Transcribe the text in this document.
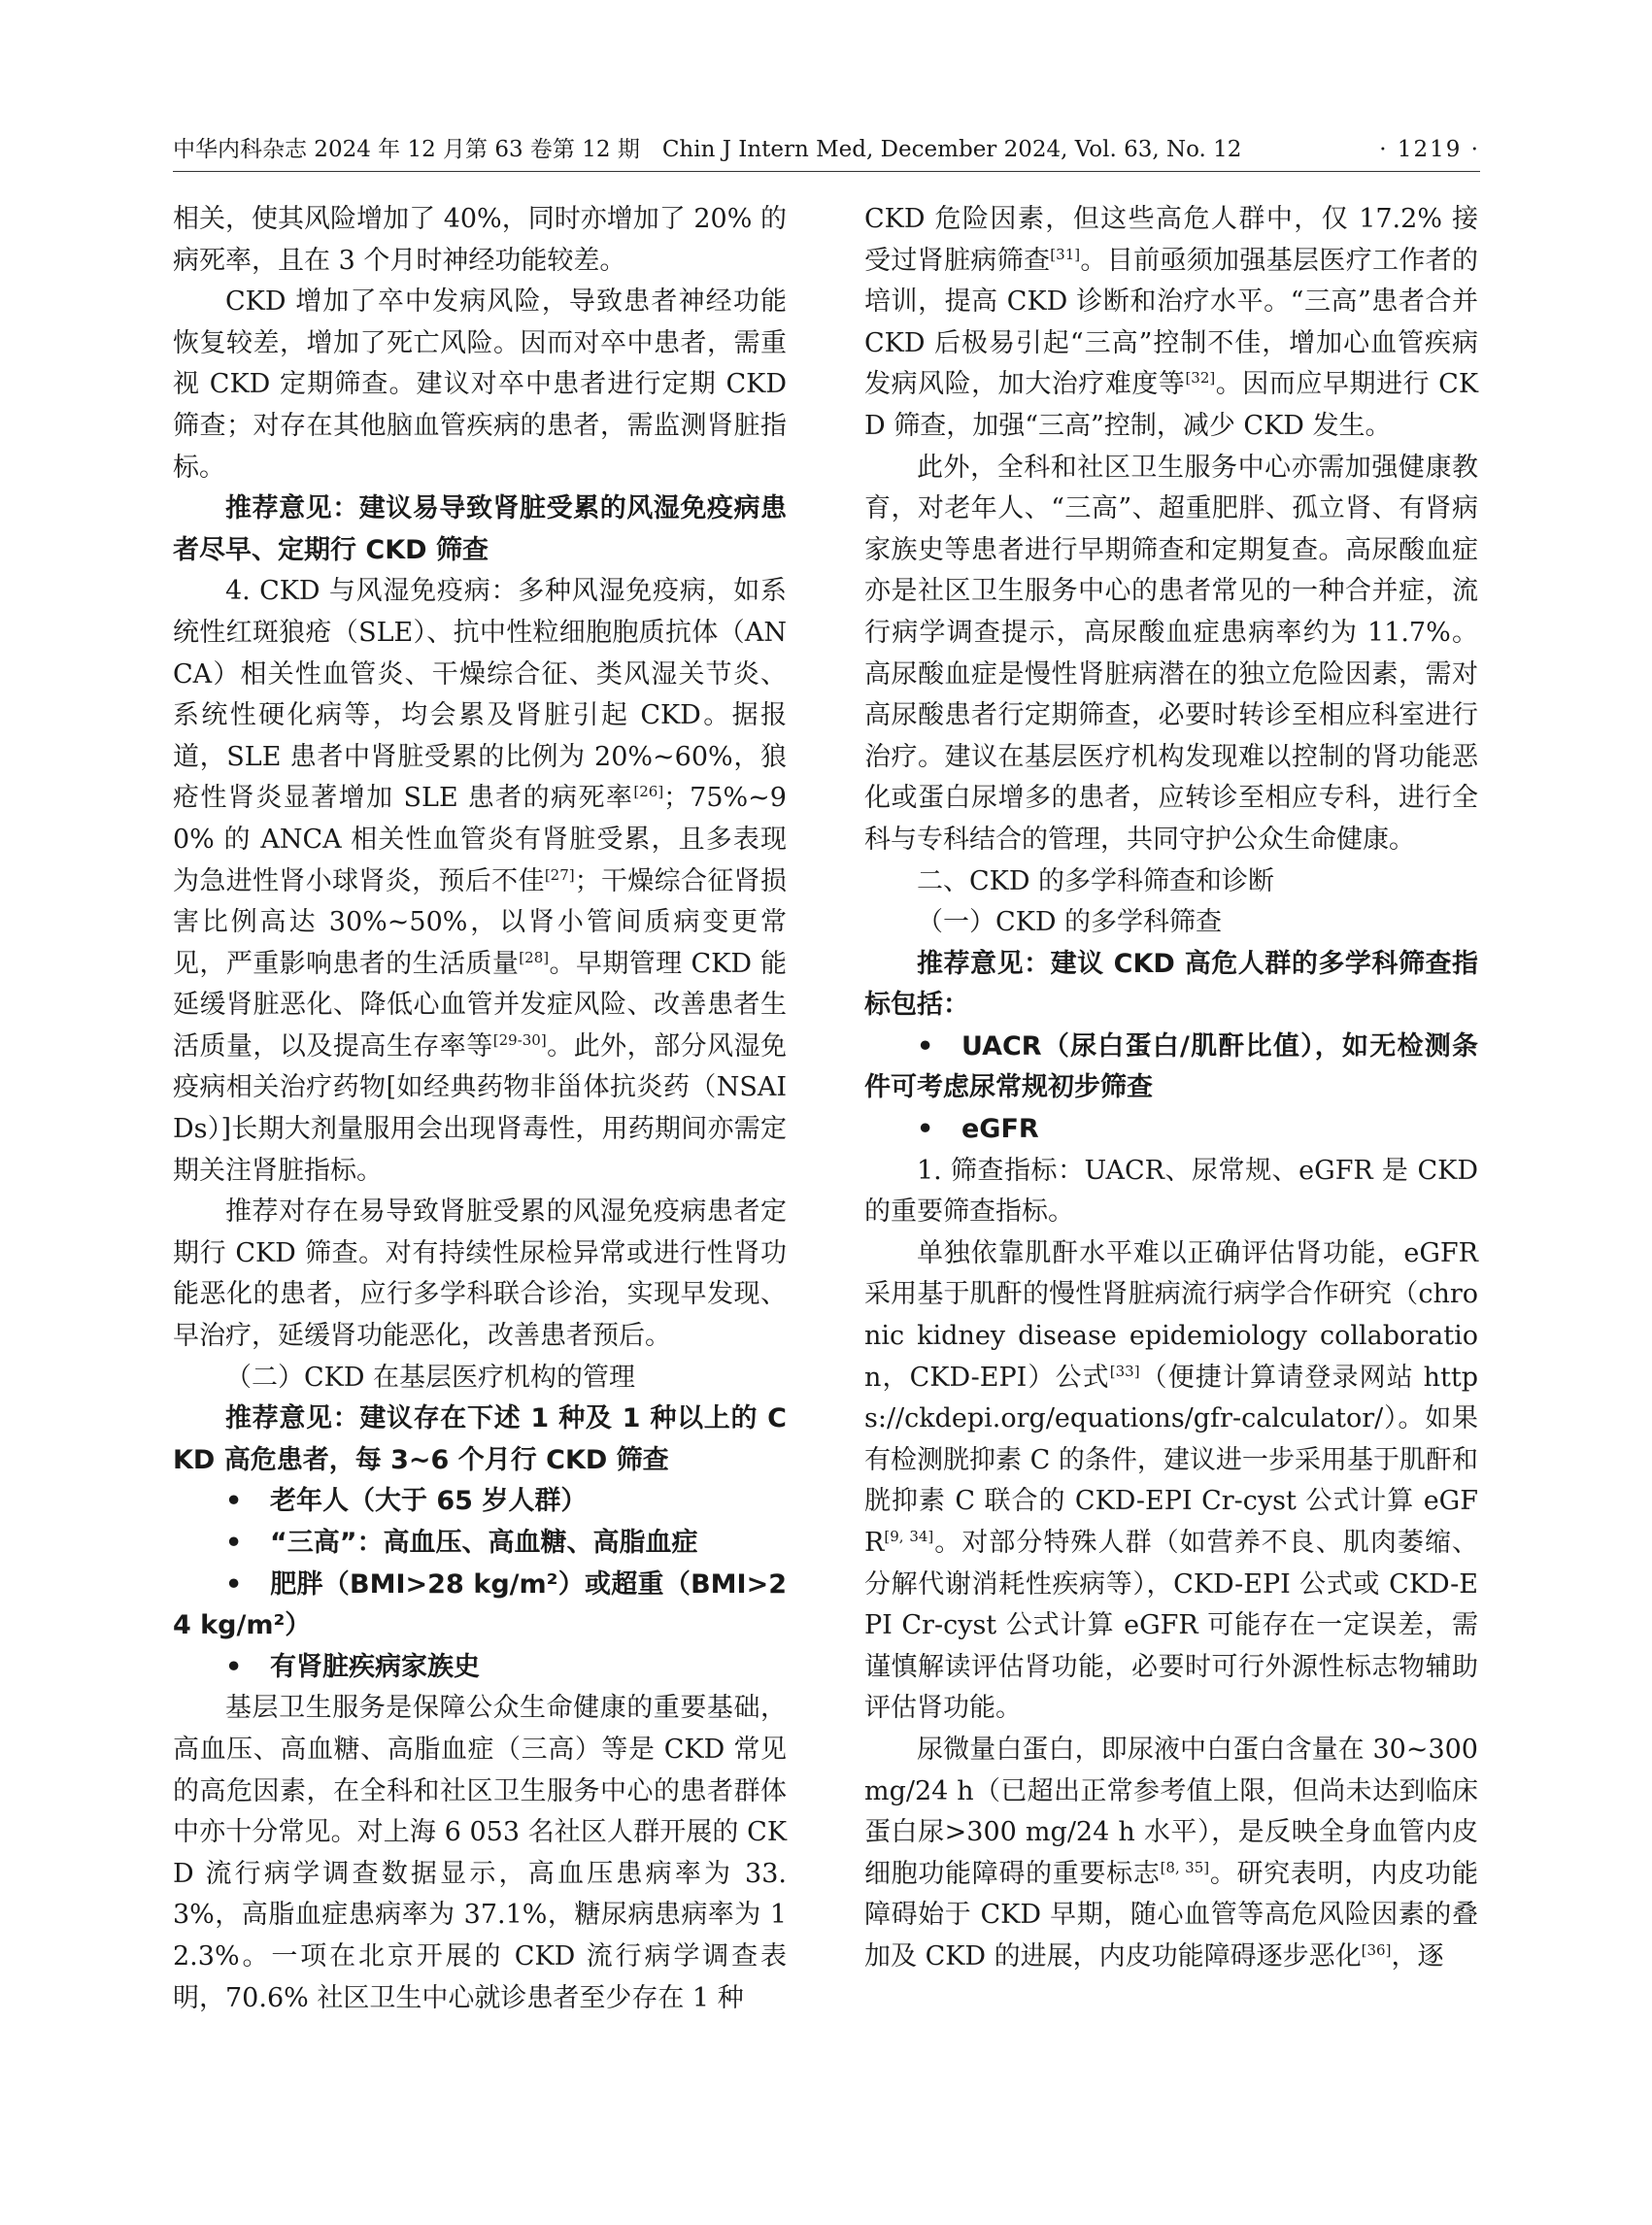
中华内科杂志 2024 年 12 月第 63 卷第 12 期　Chin J Intern Med, December 2024, Vol. 63, No. 12	· 1219 ·

相关，使其风险增加了 40%，同时亦增加了 20% 的病死率，且在 3 个月时神经功能较差。

CKD 增加了卒中发病风险，导致患者神经功能恢复较差，增加了死亡风险。因而对卒中患者，需重视 CKD 定期筛查。建议对卒中患者进行定期 CKD 筛查；对存在其他脑血管疾病的患者，需监测肾脏指标。

推荐意见：建议易导致肾脏受累的风湿免疫病患者尽早、定期行 CKD 筛查

4. CKD 与风湿免疫病：多种风湿免疫病，如系统性红斑狼疮（SLE）、抗中性粒细胞胞质抗体（ANCA）相关性血管炎、干燥综合征、类风湿关节炎、系统性硬化病等，均会累及肾脏引起 CKD。据报道，SLE 患者中肾脏受累的比例为 20%~60%，狼疮性肾炎显著增加 SLE 患者的病死率[26]；75%~90% 的 ANCA 相关性血管炎有肾脏受累，且多表现为急进性肾小球肾炎，预后不佳[27]；干燥综合征肾损害比例高达 30%~50%，以肾小管间质病变更常见，严重影响患者的生活质量[28]。早期管理 CKD 能延缓肾脏恶化、降低心血管并发症风险、改善患者生活质量，以及提高生存率等[29-30]。此外，部分风湿免疫病相关治疗药物[如经典药物非甾体抗炎药（NSAIDs）]长期大剂量服用会出现肾毒性，用药期间亦需定期关注肾脏指标。

推荐对存在易导致肾脏受累的风湿免疫病患者定期行 CKD 筛查。对有持续性尿检异常或进行性肾功能恶化的患者，应行多学科联合诊治，实现早发现、早治疗，延缓肾功能恶化，改善患者预后。

（二）CKD 在基层医疗机构的管理

推荐意见：建议存在下述 1 种及 1 种以上的 CKD 高危患者，每 3~6 个月行 CKD 筛查

• 老年人（大于 65 岁人群）

• “三高”：高血压、高血糖、高脂血症

• 肥胖（BMI>28 kg/m²）或超重（BMI>24 kg/m²）

• 有肾脏疾病家族史

基层卫生服务是保障公众生命健康的重要基础，高血压、高血糖、高脂血症（三高）等是 CKD 常见的高危因素，在全科和社区卫生服务中心的患者群体中亦十分常见。对上海 6 053 名社区人群开展的 CKD 流行病学调查数据显示，高血压患病率为 33.3%，高脂血症患病率为 37.1%，糖尿病患病率为 12.3%。一项在北京开展的 CKD 流行病学调查表明，70.6% 社区卫生中心就诊患者至少存在 1 种

CKD 危险因素，但这些高危人群中，仅 17.2% 接受过肾脏病筛查[31]。目前亟须加强基层医疗工作者的培训，提高 CKD 诊断和治疗水平。“三高”患者合并 CKD 后极易引起“三高”控制不佳，增加心血管疾病发病风险，加大治疗难度等[32]。因而应早期进行 CKD 筛查，加强“三高”控制，减少 CKD 发生。

此外，全科和社区卫生服务中心亦需加强健康教育，对老年人、“三高”、超重肥胖、孤立肾、有肾病家族史等患者进行早期筛查和定期复查。高尿酸血症亦是社区卫生服务中心的患者常见的一种合并症，流行病学调查提示，高尿酸血症患病率约为 11.7%。高尿酸血症是慢性肾脏病潜在的独立危险因素，需对高尿酸患者行定期筛查，必要时转诊至相应科室进行治疗。建议在基层医疗机构发现难以控制的肾功能恶化或蛋白尿增多的患者，应转诊至相应专科，进行全科与专科结合的管理，共同守护公众生命健康。

二、CKD 的多学科筛查和诊断

（一）CKD 的多学科筛查

推荐意见：建议 CKD 高危人群的多学科筛查指标包括：

• UACR（尿白蛋白/肌酐比值），如无检测条件可考虑尿常规初步筛查

• eGFR

1. 筛查指标：UACR、尿常规、eGFR 是 CKD 的重要筛查指标。

单独依靠肌酐水平难以正确评估肾功能，eGFR 采用基于肌酐的慢性肾脏病流行病学合作研究（chronic kidney disease epidemiology collaboration，CKD-EPI）公式[33]（便捷计算请登录网站 https://ckdepi.org/equations/gfr-calculator/）。如果有检测胱抑素 C 的条件，建议进一步采用基于肌酐和胱抑素 C 联合的 CKD-EPI Cr-cyst 公式计算 eGFR[9, 34]。对部分特殊人群（如营养不良、肌肉萎缩、分解代谢消耗性疾病等），CKD-EPI 公式或 CKD-EPI Cr-cyst 公式计算 eGFR 可能存在一定误差，需谨慎解读评估肾功能，必要时可行外源性标志物辅助评估肾功能。

尿微量白蛋白，即尿液中白蛋白含量在 30~300 mg/24 h（已超出正常参考值上限，但尚未达到临床蛋白尿>300 mg/24 h 水平），是反映全身血管内皮细胞功能障碍的重要标志[8, 35]。研究表明，内皮功能障碍始于 CKD 早期，随心血管等高危风险因素的叠加及 CKD 的进展，内皮功能障碍逐步恶化[36]，逐
